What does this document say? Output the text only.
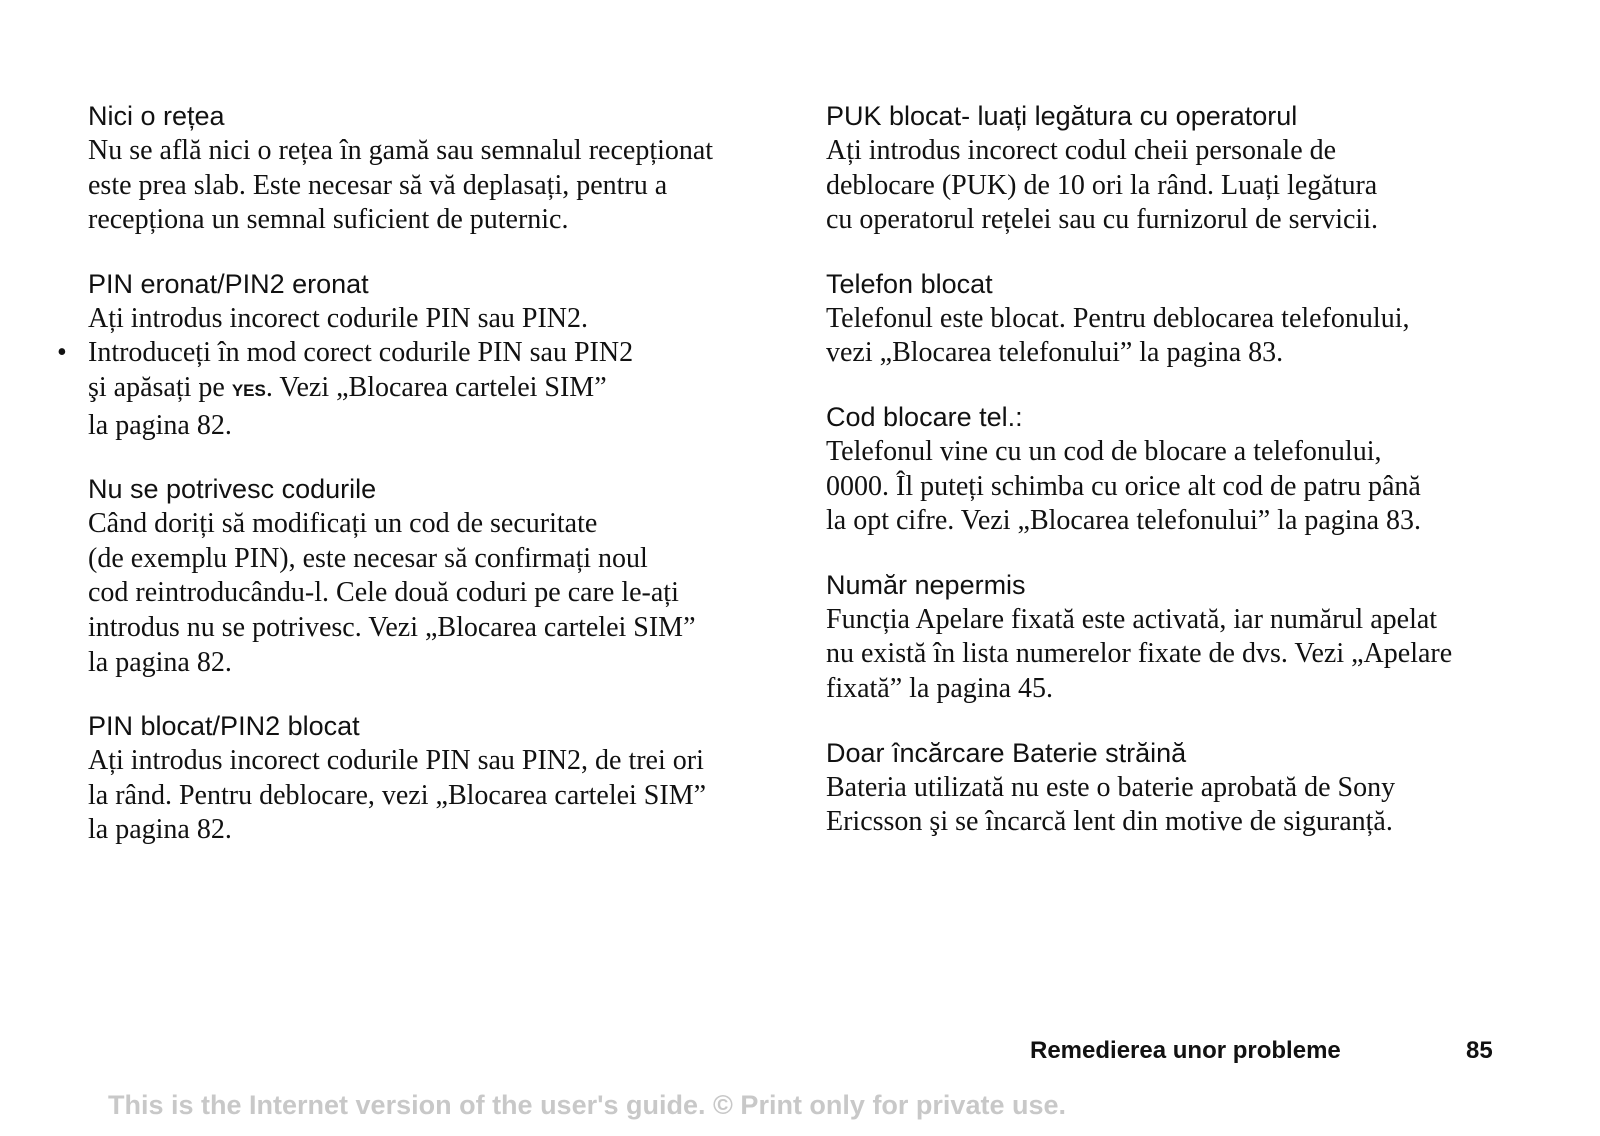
Nici o rețea
Nu se află nici o rețea în gamă sau semnalul recepționat
este prea slab. Este necesar să vă deplasați, pentru a
recepționa un semnal suficient de puternic.
PIN eronat/PIN2 eronat
Ați introdus incorect codurile PIN sau PIN2.
• Introduceți în mod corect codurile PIN sau PIN2
şi apăsați pe YES. Vezi „Blocarea cartelei SIM”
la pagina 82.
Nu se potrivesc codurile
Când doriți să modificați un cod de securitate
(de exemplu PIN), este necesar să confirmați noul
cod reintroducându-l. Cele două coduri pe care le-ați
introdus nu se potrivesc. Vezi „Blocarea cartelei SIM”
la pagina 82.
PIN blocat/PIN2 blocat
Ați introdus incorect codurile PIN sau PIN2, de trei ori
la rând. Pentru deblocare, vezi „Blocarea cartelei SIM”
la pagina 82.
PUK blocat- luați legătura cu operatorul
Ați introdus incorect codul cheii personale de
deblocare (PUK) de 10 ori la rând. Luați legătura
cu operatorul rețelei sau cu furnizorul de servicii.
Telefon blocat
Telefonul este blocat. Pentru deblocarea telefonului,
vezi „Blocarea telefonului” la pagina 83.
Cod blocare tel.:
Telefonul vine cu un cod de blocare a telefonului,
0000. Îl puteți schimba cu orice alt cod de patru până
la opt cifre. Vezi „Blocarea telefonului” la pagina 83.
Număr nepermis
Funcția Apelare fixată este activată, iar numărul apelat
nu există în lista numerelor fixate de dvs. Vezi „Apelare
fixată” la pagina 45.
Doar încărcare Baterie străină
Bateria utilizată nu este o baterie aprobată de Sony
Ericsson şi se încarcă lent din motive de siguranță.
Remedierea unor probleme	85
This is the Internet version of the user's guide. © Print only for private use.
